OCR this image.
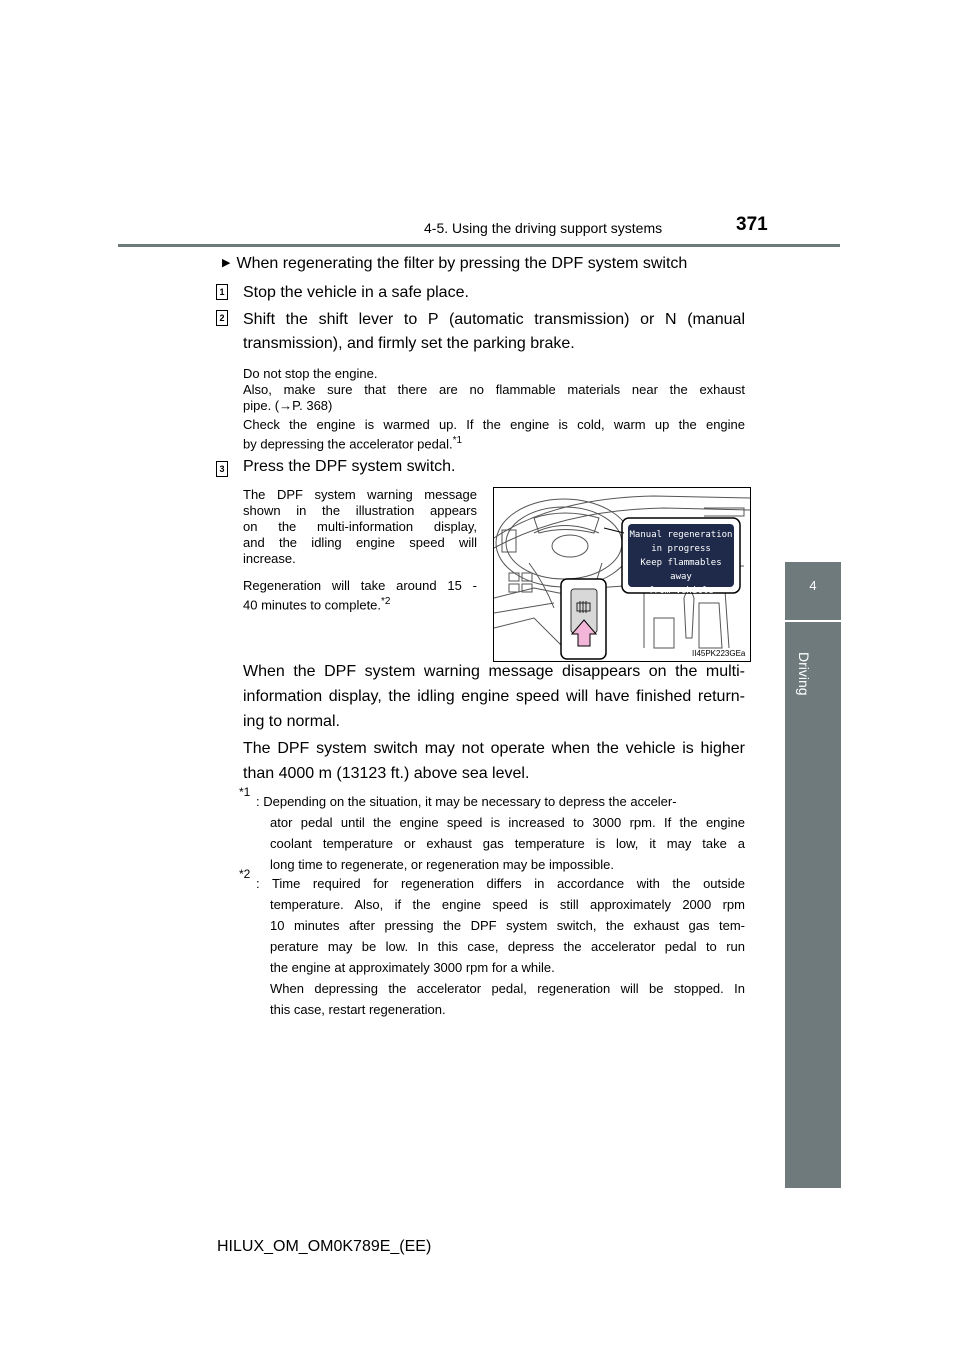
4-5. Using the driving support systems	371
4
Driving
▶ When regenerating the filter by pressing the DPF system switch
1 Stop the vehicle in a safe place.
2 Shift the shift lever to P (automatic transmission) or N (manual
transmission), and firmly set the parking brake.
Do not stop the engine.
Also, make sure that there are no flammable materials near the exhaust
pipe. (→P. 368)
Check the engine is warmed up. If the engine is cold, warm up the engine
by depressing the accelerator pedal.$^{*1}$
3 Press the DPF system switch.
The DPF system warning message
shown in the illustration appears
on the multi-information display,
and the idling engine speed will
increase.
Regeneration will take around 15 -
40 minutes to complete.$^{*2}$
Manual regeneration
in progress
Keep flammables away
from vehicle
II45PK223GEa
When the DPF system warning message disappears on the multi-
information display, the idling engine speed will have finished return-
ing to normal.
The DPF system switch may not operate when the vehicle is higher
than 4000 m (13123 ft.) above sea level.
$^{*1}$
: Depending on the situation, it may be necessary to depress the acceler-
ator pedal until the engine speed is increased to 3000 rpm. If the engine
coolant temperature or exhaust gas temperature is low, it may take a
long time to regenerate, or regeneration may be impossible.
$^{*2}$
: Time required for regeneration differs in accordance with the outside
temperature. Also, if the engine speed is still approximately 2000 rpm
10 minutes after pressing the DPF system switch, the exhaust gas tem-
perature may be low. In this case, depress the accelerator pedal to run
the engine at approximately 3000 rpm for a while.
When depressing the accelerator pedal, regeneration will be stopped. In
this case, restart regeneration.
HILUX_OM_OM0K789E_(EE)
